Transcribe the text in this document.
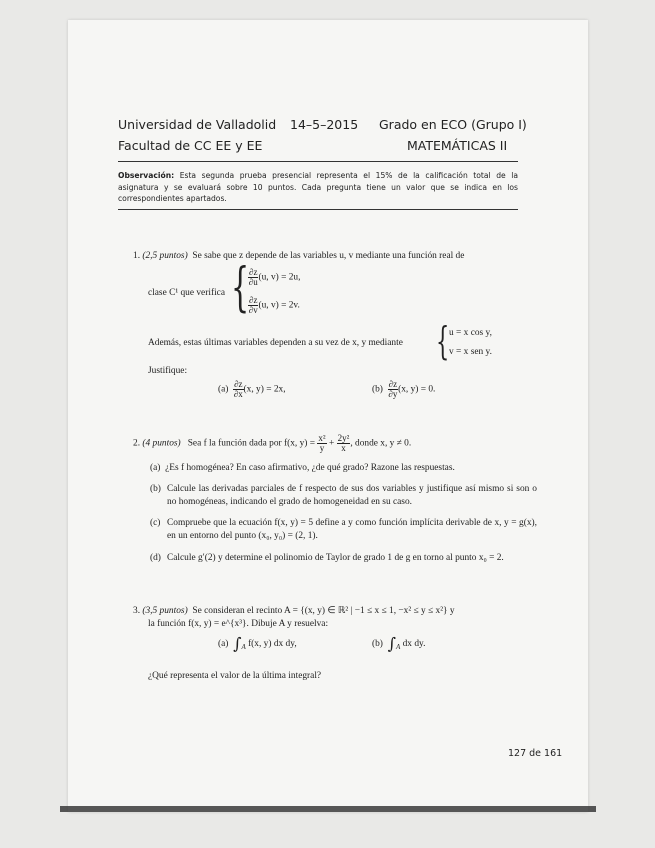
Universidad de Valladolid 14–5–2015 Grado en ECO (Grupo I)
Facultad de CC EE y EE	MATEMÁTICAS II
Observación: Esta segunda prueba presencial representa el 15% de la calificación total de la asignatura y se evaluará sobre 10 puntos. Cada pregunta tiene un valor que se indica en los correspondientes apartados.
1. (2,5 puntos) Se sabe que z depende de las variables u, v mediante una función real de
clase C¹ que verifica {
$\frac{\partial z}{\partial u} (u$, v) = 2u,
$\frac{\partial z}{\partial v} (u$, v) = 2v.
Además, estas últimas variables dependen a su vez de x, y mediante { u = x cos y,
v = x sen y.
Justifique:
$(a) \frac{\partial z}{\partial x} (x$, y) = 2x,	$(b) \frac{\partial z}{\partial y} (x$, y) = 0.
2. (4 puntos) Sea f la función dada por f(x, $y) = \frac{\text{x²}}{y} + \frac{\text{2y²}}{x}$ , donde x, y ≠ 0.
(a) ¿Es f homogénea? En caso afirmativo, ¿de qué grado? Razone las respuestas.
(b) Calcule las derivadas parciales de f respecto de sus dos variables y justifique así mismo si son o no homogéneas, indicando el grado de homogeneidad en su caso.
(c) Compruebe que la ecuación f(x, y) = 5 define a y como función implícita derivable de x, y = g(x), en un entorno del punto (x₀, y₀) = (2, 1).
(d) Calcule g′(2) y determine el polinomio de Taylor de grado 1 de g en torno al punto x₀ = 2.
3. (3,5 puntos) Se consideran el recinto A = {(x, y) ∈ ℝ² | −1 ≤ x ≤ 1, −x² ≤ y ≤ x²} y
la función f(x, y) = e^{x³}. Dibuje A y resuelva:
(a) $\int_A$ f(x, y) dx dy,	(b) $\int_A$ dx dy.
¿Qué representa el valor de la última integral?
127 de 161
